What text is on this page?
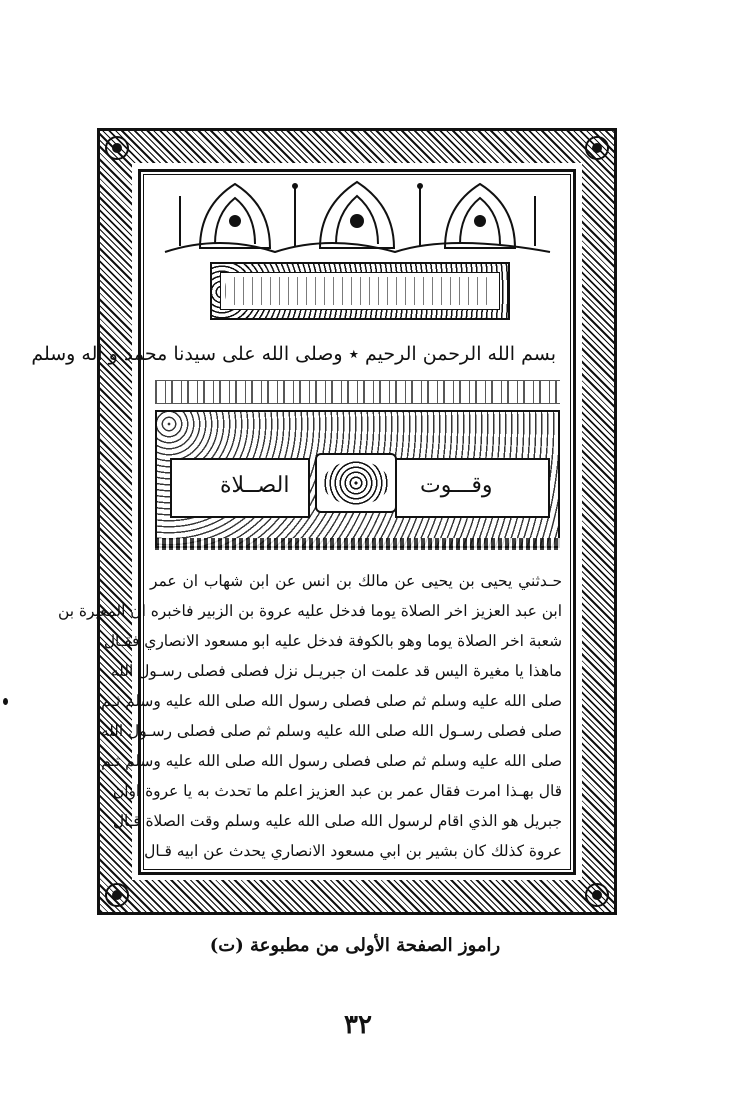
بسم الله الرحمن الرحيم ٭ وصلى الله على سيدنا محمد و اله وسلم
وقـــوت
الصــلاة
حـدثني يحيى بن يحيى عن مالك بن انس عن ابن شهاب ان عمر
ابن عبد العزيز اخر الصلاة يوما فدخل عليه عروة بن الزبير فاخبره ان المغيرة بن
شعبة اخر الصلاة يوما وهو بالكوفة فدخل عليه ابو مسعود الانصاري فقـال
ماهذا يا مغيرة اليس قد علمت ان جبريـل نزل فصلى فصلى رسـول الله
صلى الله عليه وسلم ثم صلى فصلى رسول الله صلى الله عليه وسلم ثـم
صلى فصلى رسـول الله صلى الله عليه وسلم ثم صلى فصلى رسـول الله
صلى الله عليه وسلم ثم صلى فصلى رسول الله صلى الله عليه وسلم ثـم
قال بهـذا امرت فقال عمر بن عبد العزيز اعلم ما تحدث به يا عروة اوان
جبريل هو الذي اقام لرسول الله صلى الله عليه وسلم وقت الصلاة قـال
عروة كذلك كان بشير بن ابي مسعود الانصاري يحدث عن ابيه قـال
راموز الصفحة الأولى من مطبوعة (ت)
٣٢
